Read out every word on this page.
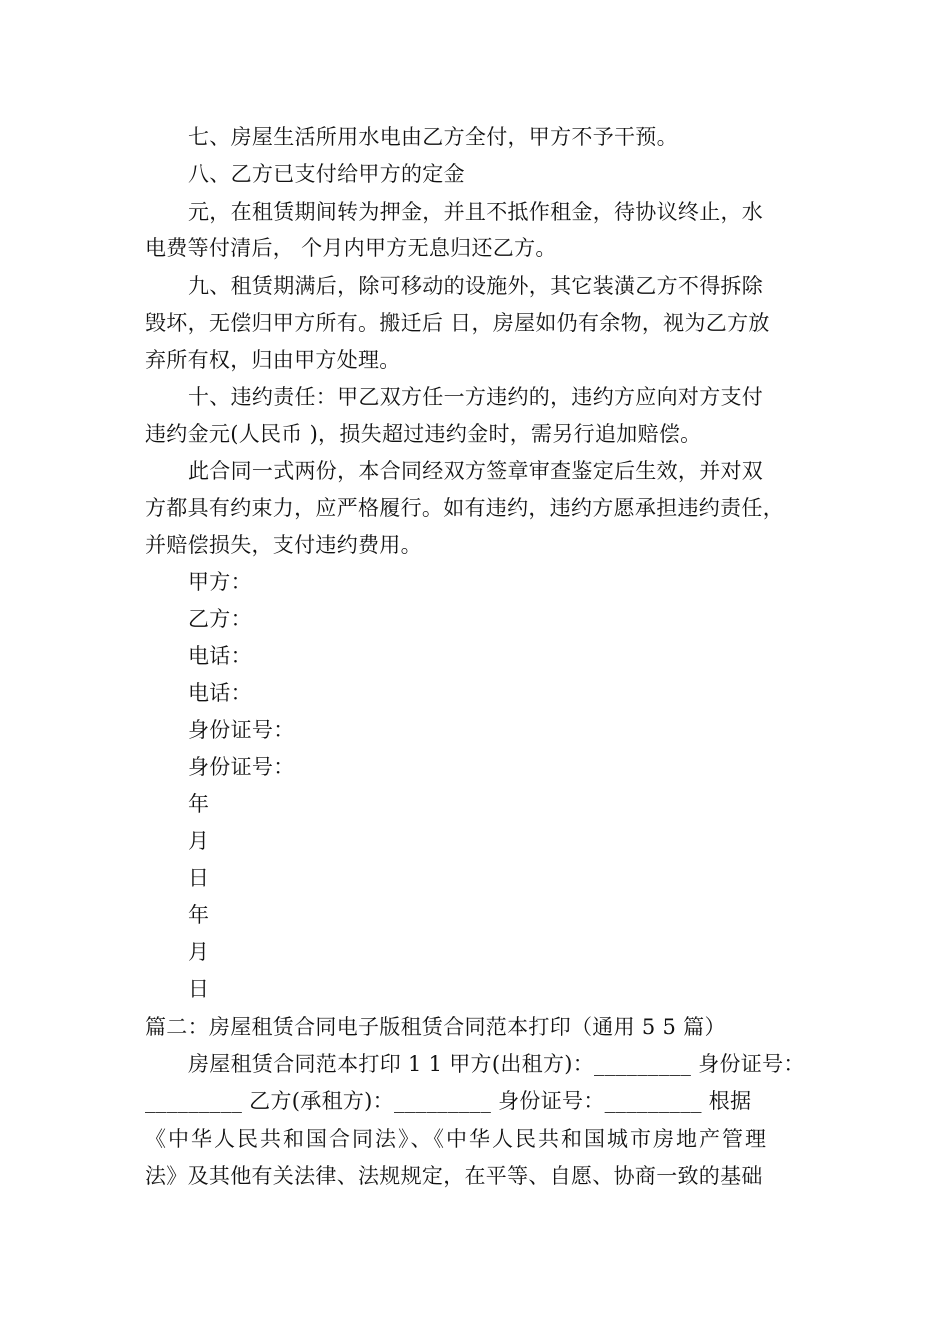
七、房屋生活所用水电由乙方全付，甲方不予干预。
八、乙方已支付给甲方的定金
元，在租赁期间转为押金，并且不抵作租金，待协议终止，水
电费等付清后， 个月内甲方无息归还乙方。
九、租赁期满后，除可移动的设施外，其它装潢乙方不得拆除
毁坏，无偿归甲方所有。搬迁后 日，房屋如仍有余物，视为乙方放
弃所有权，归由甲方处理。
十、违约责任：甲乙双方任一方违约的，违约方应向对方支付
违约金元(人民币 )，损失超过违约金时，需另行追加赔偿。
此合同一式两份，本合同经双方签章审查鉴定后生效，并对双
方都具有约束力，应严格履行。如有违约，违约方愿承担违约责任，
并赔偿损失，支付违约费用。
甲方：
乙方：
电话：
电话：
身份证号：
身份证号：
年
月
日
年
月
日
篇二：房屋租赁合同电子版租赁合同范本打印（通用 5 5 篇）
房屋租赁合同范本打印 1 1 甲方(出租方)：_________ 身份证号：
_________ 乙方(承租方)：_________ 身份证号：_________ 根据
《中华人民共和国合同法》、《中华人民共和国城市房地产管理
法》及其他有关法律、法规规定，在平等、自愿、协商一致的基础
